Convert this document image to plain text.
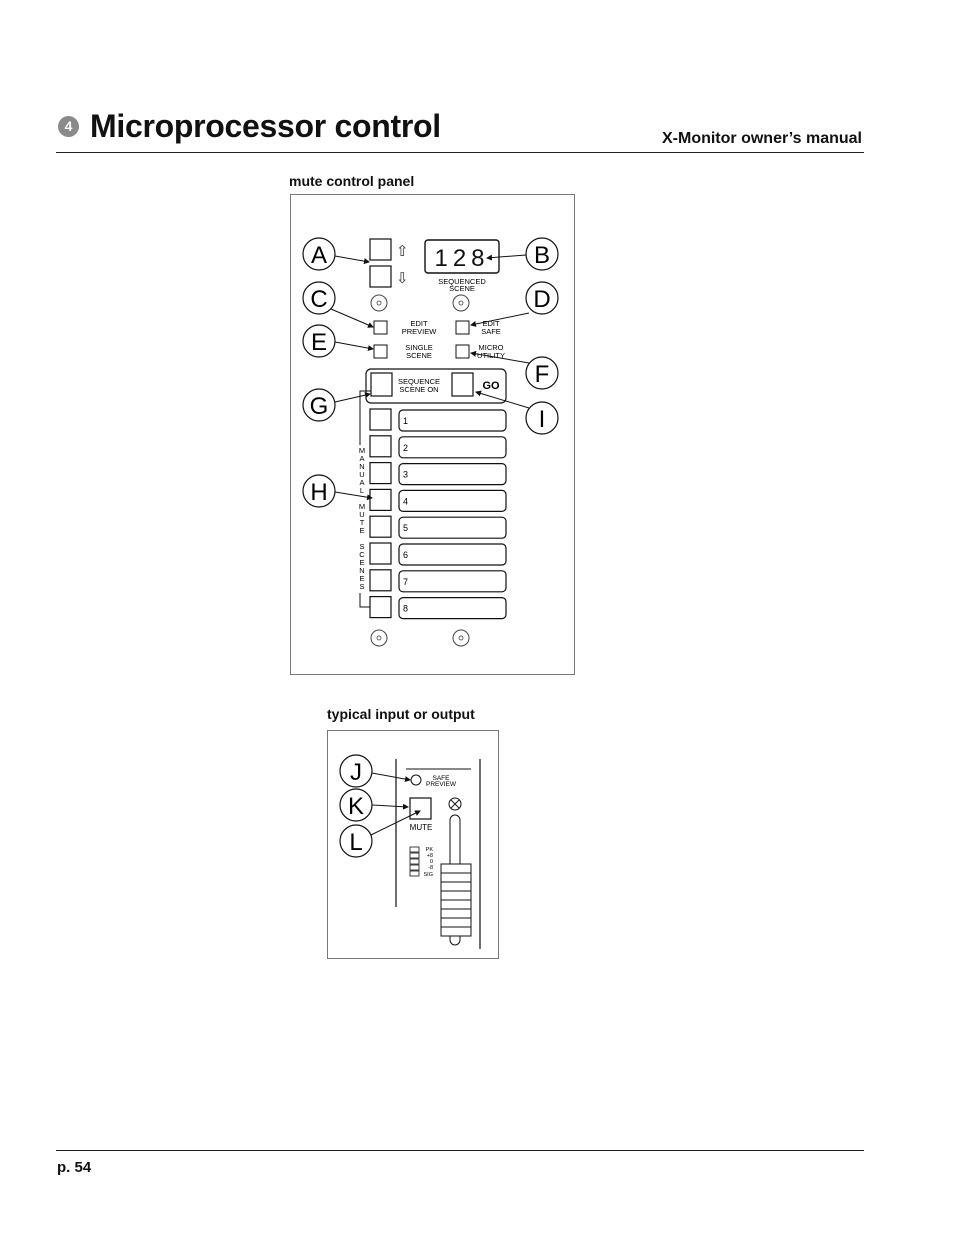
4 Microprocessor control	X-Monitor owner’s manual
mute control panel
⇧
⇩
128
SEQUENCED
SCENE
EDIT
PREVIEW
EDIT
SAFE
SINGLE
SCENE
MICRO
UTILITY
SEQUENCE
SCENE ON	GO
1
2
3
4
5
6
7
8
M
A
N
U
A
L
M
U
T
E
S
C
E
N
E
S
A	B
C	D
E
F
G	I
H
typical input or output
SAFE
PREVIEW
MUTE
PK
+8
0
-8
SIG
J
K
L
p. 54
